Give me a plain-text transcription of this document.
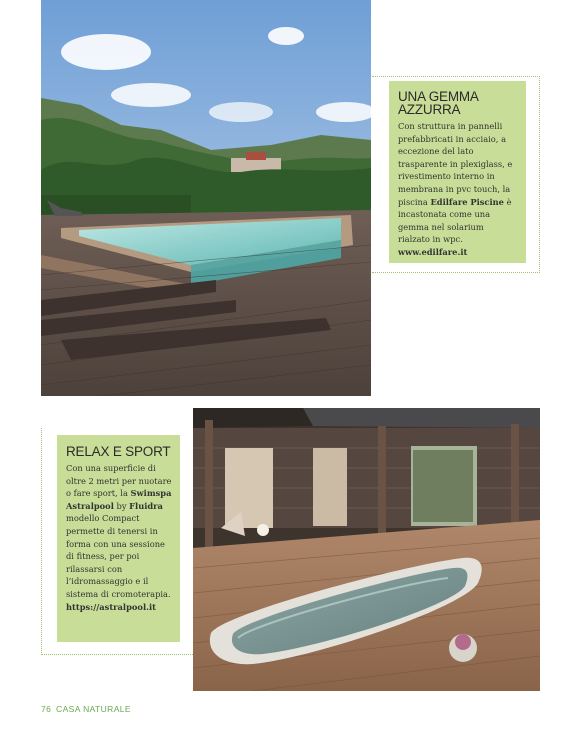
UNA GEMMA AZZURRA

Con struttura in pannelli prefabbricati in acciaio, a eccezione del lato trasparente in plexiglass, e rivestimento interno in membrana in pvc touch, la piscina Edilfare Piscine è incastonata come una gemma nel solarium rialzato in wpc.
www.edilfare.it

RELAX E SPORT

Con una superficie di oltre 2 metri per nuotare o fare sport, la Swimspa Astralpool by Fluidra modello Compact permette di tenersi in forma con una sessione di fitness, per poi rilassarsi con l’idromassaggio e il sistema di cromoterapia.
https://astralpool.it

76 CASA NATURALE
